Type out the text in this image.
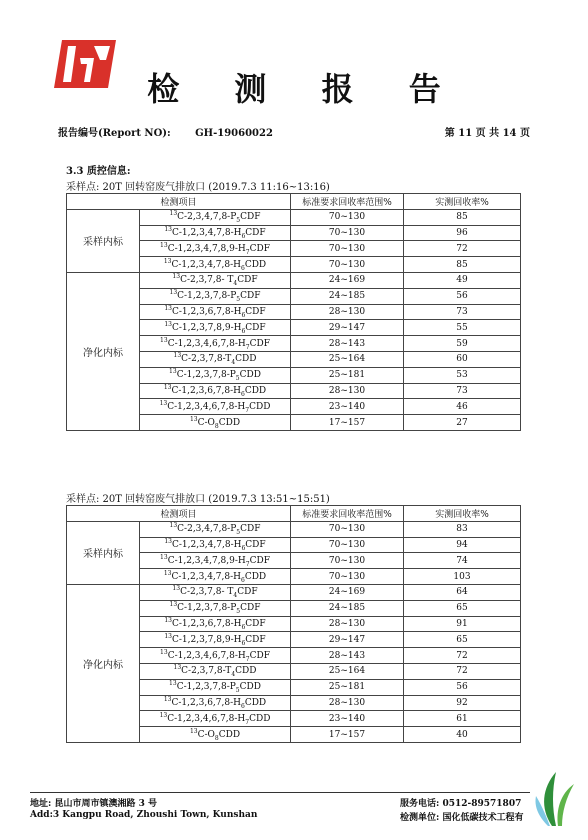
检 测 报 告
报告编号(Report NO): GH-19060022	第 11 页 共 14 页
3.3 质控信息:
采样点: 20T 回转窑废气排放口 (2019.7.3 11:16~13:16)
检测项目		标准要求回收率范围%	实测回收率%
采样内标	$^{13}C-2,3,4,7,8-P_5CDF$	70~130	85
	$^{13}C-1,2,3,4,7,8-H_6CDF$	70~130	96
	$^{13}C-1,2,3,4,7,8,9-H_7CDF$	70~130	72
	$^{13}C-1,2,3,4,7,8-H_6CDD$	70~130	85
净化内标	$^{13}$C-2,3,7,8- $T_4CDF$	24~169	49
	$^{13}C-1,2,3,7,8-P_5CDF$	24~185	56
	$^{13}C-1,2,3,6,7,8-H_6CDF$	28~130	73
	$^{13}C-1,2,3,7,8,9-H_6CDF$	29~147	55
	$^{13}C-1,2,3,4,6,7,8-H_7CDF$	28~143	59
	$^{13}C-2,3,7,8-T_4CDD$	25~164	60
	$^{13}C-1,2,3,7,8-P_5CDD$	25~181	53
	$^{13}C-1,2,3,6,7,8-H_6CDD$	28~130	73
	$^{13}C-1,2,3,4,6,7,8-H_7CDD$	23~140	46
	$^{13}C-O_8CDD$	17~157	27
采样点: 20T 回转窑废气排放口 (2019.7.3 13:51~15:51)
检测项目		标准要求回收率范围%	实测回收率%
采样内标	$^{13}C-2,3,4,7,8-P_5CDF$	70~130	83
	$^{13}C-1,2,3,4,7,8-H_6CDF$	70~130	94
	$^{13}C-1,2,3,4,7,8,9-H_7CDF$	70~130	74
	$^{13}C-1,2,3,4,7,8-H_6CDD$	70~130	103
净化内标	$^{13}$C-2,3,7,8- $T_4CDF$	24~169	64
	$^{13}C-1,2,3,7,8-P_5CDF$	24~185	65
	$^{13}C-1,2,3,6,7,8-H_6CDF$	28~130	91
	$^{13}C-1,2,3,7,8,9-H_6CDF$	29~147	65
	$^{13}C-1,2,3,4,6,7,8-H_7CDF$	28~143	72
	$^{13}C-2,3,7,8-T_4CDD$	25~164	72
	$^{13}C-1,2,3,7,8-P_5CDD$	25~181	56
	$^{13}C-1,2,3,6,7,8-H_6CDD$	28~130	92
	$^{13}C-1,2,3,4,6,7,8-H_7CDD$	23~140	61
	$^{13}C-O_8CDD$	17~157	40
地址: 昆山市周市镇澳湘路 3 号
Add:3 Kangpu Road, Zhoushi Town, Kunshan
服务电话: 0512-89571807
检测单位: 国化低碳技术工程有
